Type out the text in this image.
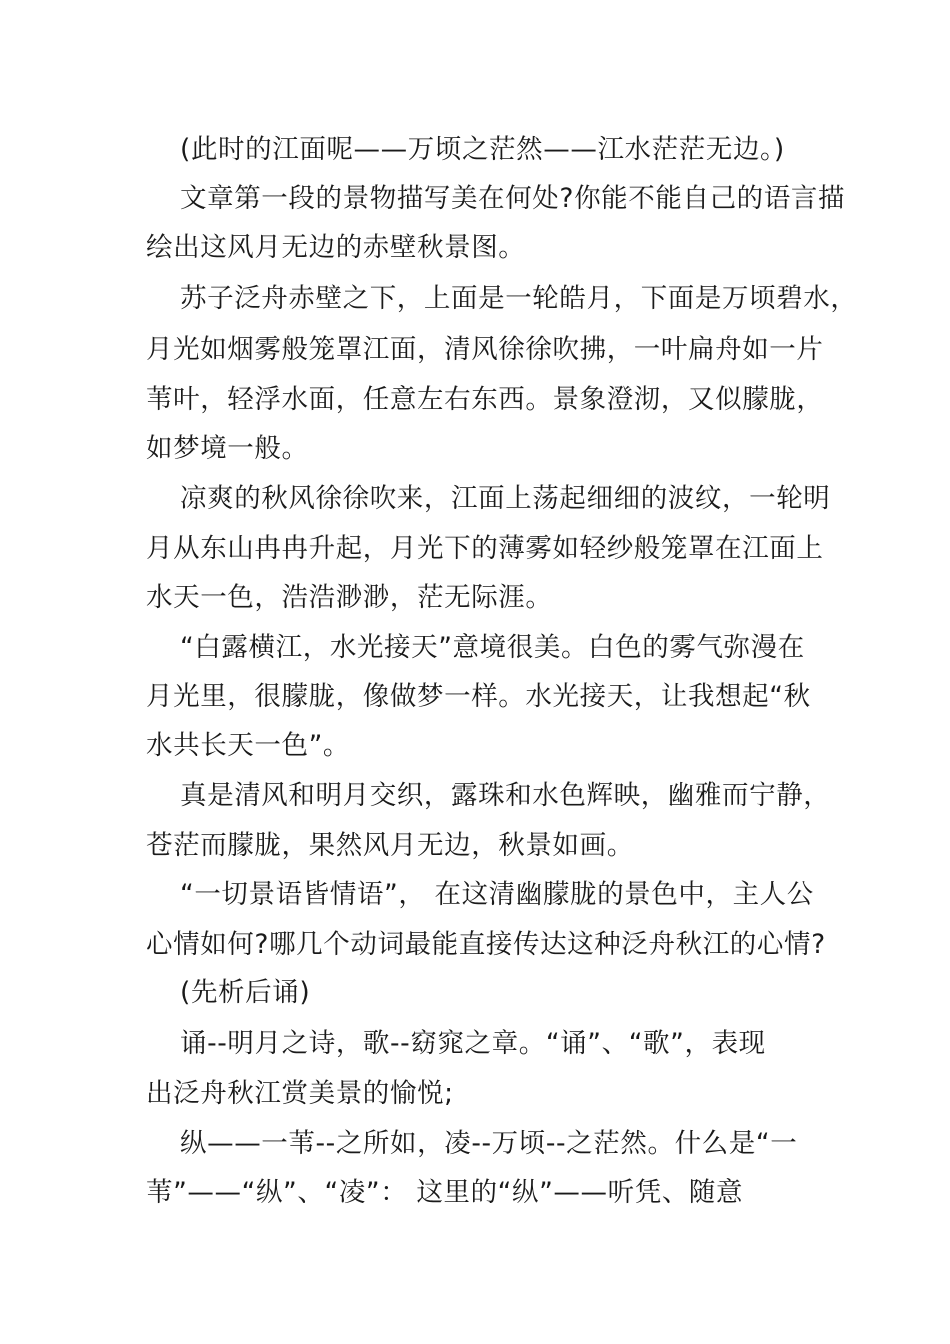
(此时的江面呢——万顷之茫然——江水茫茫无边。)
文章第一段的景物描写美在何处?你能不能自己的语言描
绘出这风月无边的赤壁秋景图。
苏子泛舟赤壁之下，上面是一轮皓月，下面是万顷碧水，
月光如烟雾般笼罩江面，清风徐徐吹拂，一叶扁舟如一片
苇叶，轻浮水面，任意左右东西。景象澄沏，又似朦胧，
如梦境一般。
凉爽的秋风徐徐吹来，江面上荡起细细的波纹，一轮明
月从东山冉冉升起，月光下的薄雾如轻纱般笼罩在江面上
水天一色，浩浩渺渺，茫无际涯。
“白露横江，水光接天”意境很美。白色的雾气弥漫在
月光里，很朦胧，像做梦一样。水光接天，让我想起“秋
水共长天一色”。
真是清风和明月交织，露珠和水色辉映，幽雅而宁静，
苍茫而朦胧，果然风月无边，秋景如画。
“一切景语皆情语”， 在这清幽朦胧的景色中，主人公
心情如何?哪几个动词最能直接传达这种泛舟秋江的心情?
(先析后诵)
诵--明月之诗，歌--窈窕之章。“诵”、“歌”，表现
出泛舟秋江赏美景的愉悦;
纵——一苇--之所如，凌--万顷--之茫然。什么是“一
苇”——“纵”、“凌”： 这里的“纵”——听凭、随意
